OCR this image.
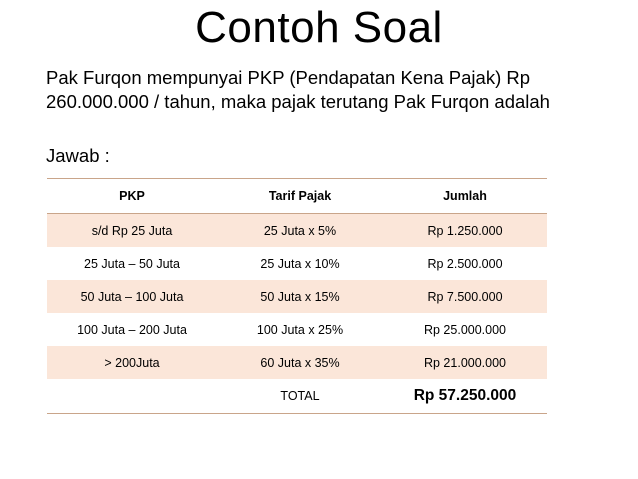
Contoh Soal
Pak Furqon mempunyai PKP (Pendapatan Kena Pajak) Rp 260.000.000 / tahun, maka pajak terutang Pak Furqon adalah
Jawab :
PKP	Tarif Pajak	Jumlah
s/d Rp 25 Juta	25 Juta x 5%	Rp 1.250.000
25 Juta – 50 Juta	25 Juta x 10%	Rp 2.500.000
50 Juta – 100 Juta	50 Juta x 15%	Rp 7.500.000
100 Juta – 200 Juta	100 Juta x 25%	Rp 25.000.000
> 200Juta	60 Juta x 35%	Rp 21.000.000
	TOTAL	Rp 57.250.000
